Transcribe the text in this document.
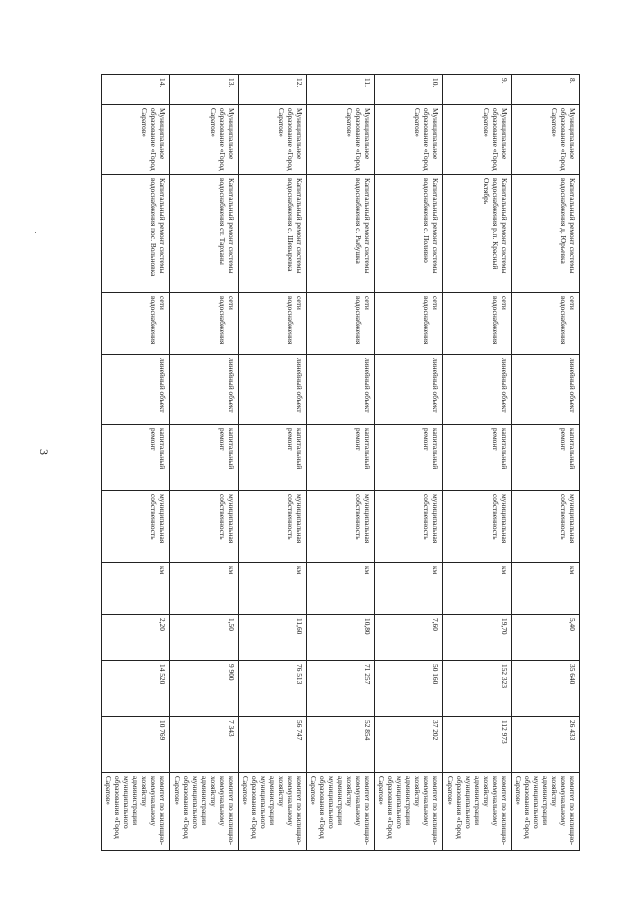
3
8.	Муниципальное образование «Город Саратов»	Капитальный ремонт системы водоснабжения д. Юрьевка	сети водоснабжения	линейный объект	капитальный ремонт	муниципальная собственность	км	5,40	35 640	26 433	комитет по жилищно-коммунальному хозяйству администрации муниципального образования «Город Саратов»
9.	Муниципальное образование «Город Саратов»	Капитальный ремонт системы водоснабжения р.п. Красный Октябрь	сети водоснабжения	линейный объект	капитальный ремонт	муниципальная собственность	км	19,70	152 323	112 973	комитет по жилищно-коммунальному хозяйству администрации муниципального образования «Город Саратов»
10.	Муниципальное образование «Город Саратов»	Капитальный ремонт системы водоснабжения с. Поливно	сети водоснабжения	линейный объект	капитальный ремонт	муниципальная собственность	км	7,60	50 160	37 202	комитет по жилищно-коммунальному хозяйству администрации муниципального образования «Город Саратов»
11.	Муниципальное образование «Город Саратов»	Капитальный ремонт системы водоснабжения с. Рыбушка	сети водоснабжения	линейный объект	капитальный ремонт	муниципальная собственность	км	10,80	71 257	52 854	комитет по жилищно-коммунальному хозяйству администрации муниципального образования «Город Саратов»
12.	Муниципальное образование «Город Саратов»	Капитальный ремонт системы водоснабжения с. Шевыревка	сети водоснабжения	линейный объект	капитальный ремонт	муниципальная собственность	км	11,60	76 513	56 747	комитет по жилищно-коммунальному хозяйству администрации муниципального образования «Город Саратов»
13.	Муниципальное образование «Город Саратов»	Капитальный ремонт системы водоснабжения ст. Тарханы	сети водоснабжения	линейный объект	капитальный ремонт	муниципальная собственность	км	1,50	9 900	7 343	комитет по жилищно-коммунальному хозяйству администрации муниципального образования «Город Саратов»
14.	Муниципальное образование «Город Саратов»	Капитальный ремонт системы водоснабжения пос. Вольновка	сети водоснабжения	линейный объект	капитальный ремонт	муниципальная собственность	км	2,20	14 520	10 769	комитет по жилищно-коммунальному хозяйству администрации муниципального образования «Город Саратов»
